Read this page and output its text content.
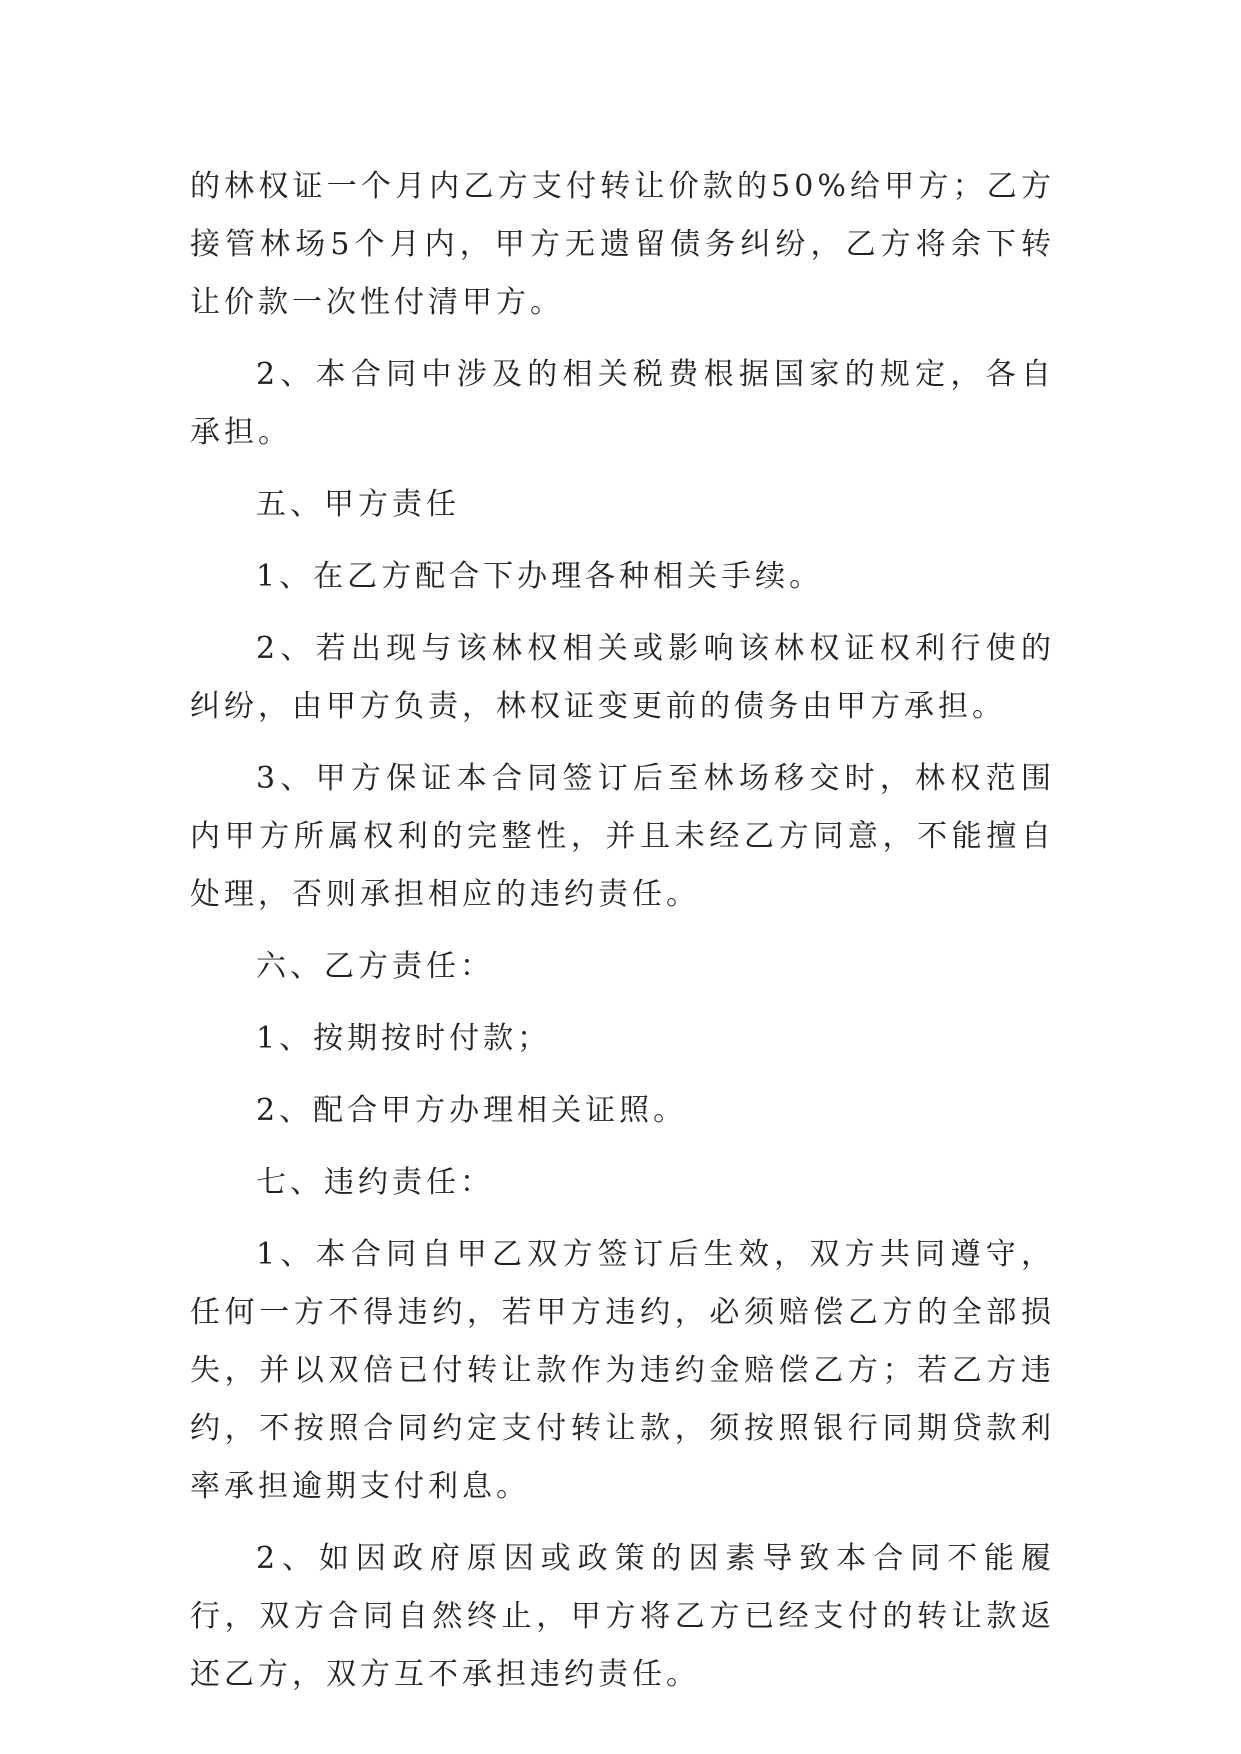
的林权证一个月内乙方支付转让价款的50%给甲方；乙方接管林场5个月内，甲方无遗留债务纠纷，乙方将余下转让价款一次性付清甲方。

2、本合同中涉及的相关税费根据国家的规定，各自承担。

五、甲方责任

1、在乙方配合下办理各种相关手续。

2、若出现与该林权相关或影响该林权证权利行使的纠纷，由甲方负责，林权证变更前的债务由甲方承担。

3、甲方保证本合同签订后至林场移交时，林权范围内甲方所属权利的完整性，并且未经乙方同意，不能擅自处理，否则承担相应的违约责任。

六、乙方责任：

1、按期按时付款；

2、配合甲方办理相关证照。

七、违约责任：

1、本合同自甲乙双方签订后生效，双方共同遵守，任何一方不得违约，若甲方违约，必须赔偿乙方的全部损失，并以双倍已付转让款作为违约金赔偿乙方；若乙方违约，不按照合同约定支付转让款，须按照银行同期贷款利率承担逾期支付利息。

2、如因政府原因或政策的因素导致本合同不能履行，双方合同自然终止，甲方将乙方已经支付的转让款返还乙方，双方互不承担违约责任。
